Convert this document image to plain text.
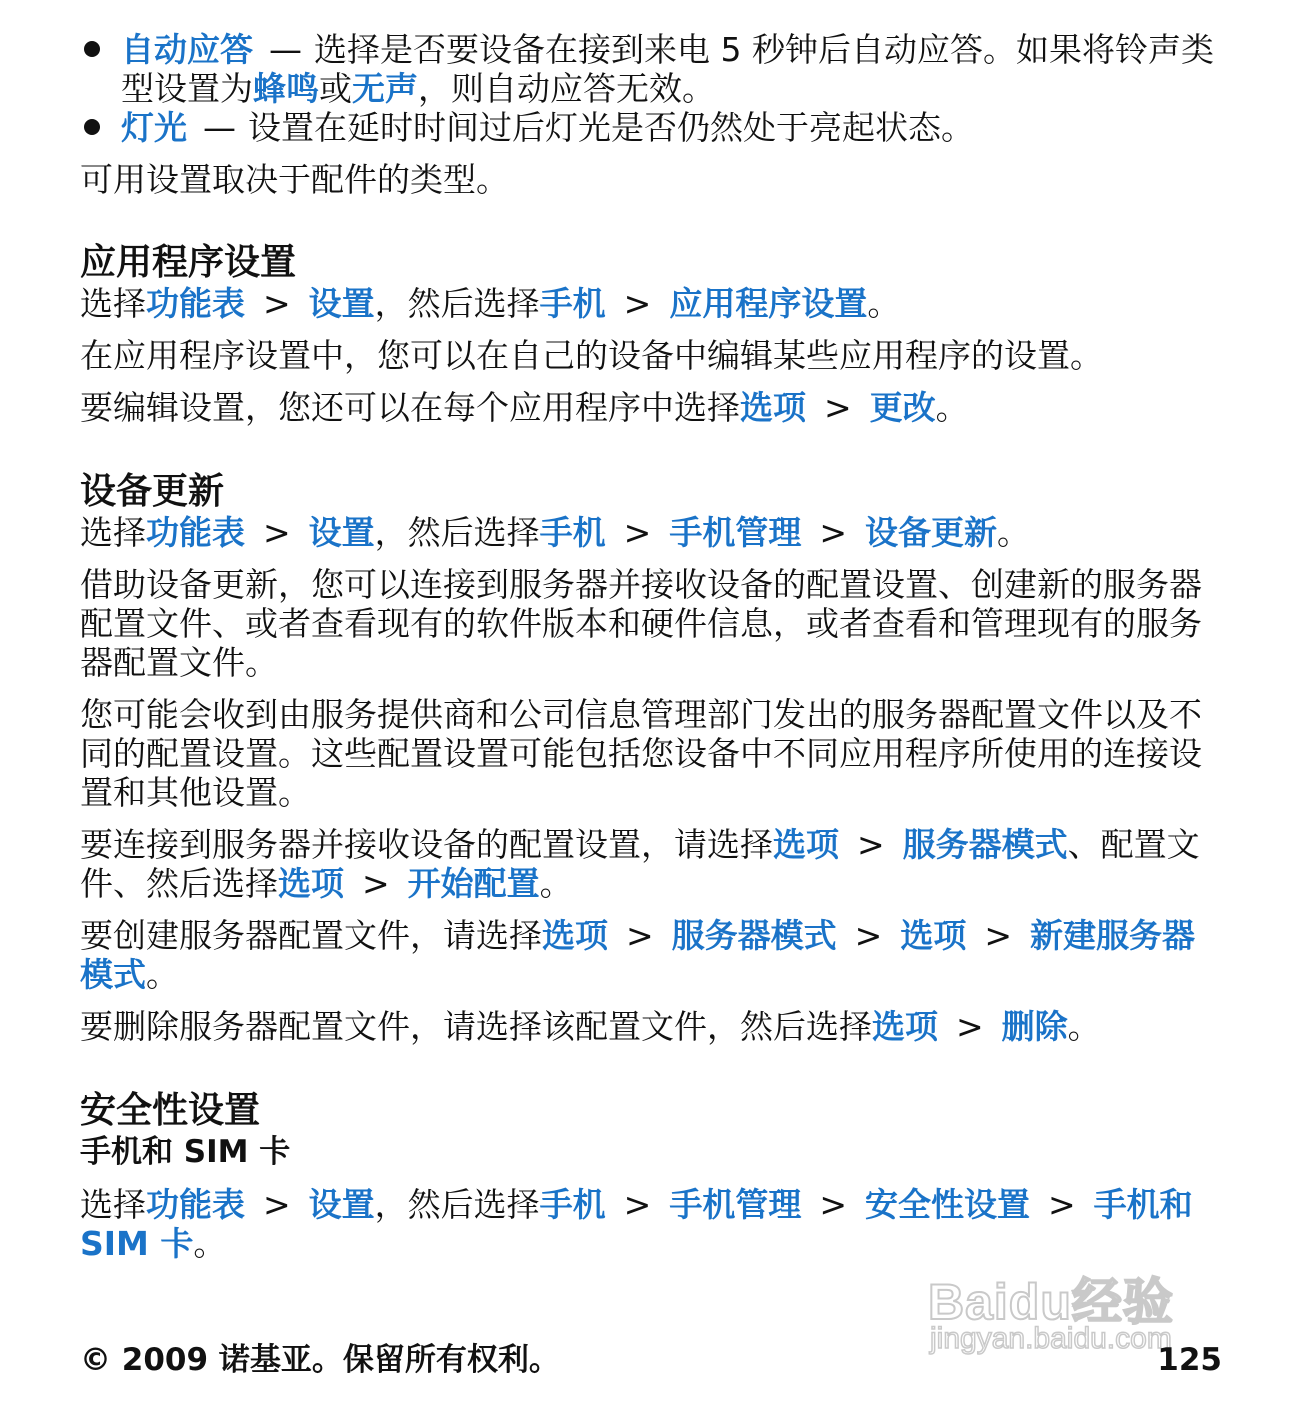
自动应答 — 选择是否要设备在接到来电 5 秒钟后自动应答。如果将铃声类型设置为蜂鸣或无声，则自动应答无效。
灯光 — 设置在延时时间过后灯光是否仍然处于亮起状态。

可用设置取决于配件的类型。

应用程序设置

选择功能表 > 设置，然后选择手机 > 应用程序设置。

在应用程序设置中，您可以在自己的设备中编辑某些应用程序的设置。

要编辑设置，您还可以在每个应用程序中选择选项 > 更改。

设备更新

选择功能表 > 设置，然后选择手机 > 手机管理 > 设备更新。

借助设备更新，您可以连接到服务器并接收设备的配置设置、创建新的服务器配置文件、或者查看现有的软件版本和硬件信息，或者查看和管理现有的服务器配置文件。

您可能会收到由服务提供商和公司信息管理部门发出的服务器配置文件以及不同的配置设置。这些配置设置可能包括您设备中不同应用程序所使用的连接设置和其他设置。

要连接到服务器并接收设备的配置设置，请选择选项 > 服务器模式、配置文件、然后选择选项 > 开始配置。

要创建服务器配置文件，请选择选项 > 服务器模式 > 选项 > 新建服务器模式。

要删除服务器配置文件，请选择该配置文件，然后选择选项 > 删除。

安全性设置
手机和 SIM 卡

选择功能表 > 设置，然后选择手机 > 手机管理 > 安全性设置 > 手机和 SIM 卡。

Baidu经验
jingyan.baidu.com
© 2009 诺基亚。保留所有权利。	125
